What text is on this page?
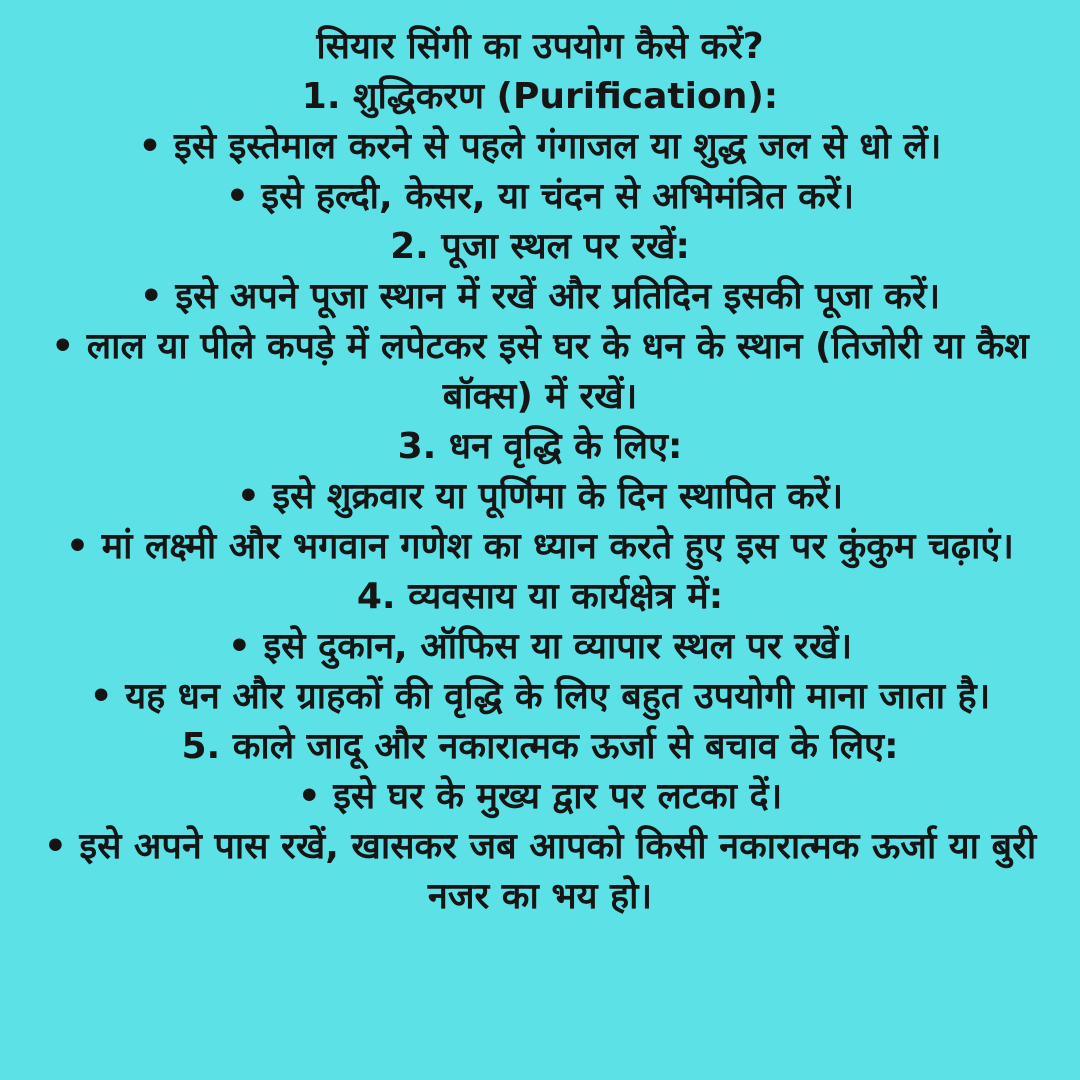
सियार सिंगी का उपयोग कैसे करें?

1. शुद्धिकरण (Purification):

• इसे इस्तेमाल करने से पहले गंगाजल या शुद्ध जल से धो लें।

• इसे हल्दी, केसर, या चंदन से अभिमंत्रित करें।

2. पूजा स्थल पर रखें:

• इसे अपने पूजा स्थान में रखें और प्रतिदिन इसकी पूजा करें।

• लाल या पीले कपड़े में लपेटकर इसे घर के धन के स्थान (तिजोरी या कैश बॉक्स) में रखें।

3. धन वृद्धि के लिए:

• इसे शुक्रवार या पूर्णिमा के दिन स्थापित करें।

• मां लक्ष्मी और भगवान गणेश का ध्यान करते हुए इस पर कुंकुम चढ़ाएं।

4. व्यवसाय या कार्यक्षेत्र में:

• इसे दुकान, ऑफिस या व्यापार स्थल पर रखें।

• यह धन और ग्राहकों की वृद्धि के लिए बहुत उपयोगी माना जाता है।

5. काले जादू और नकारात्मक ऊर्जा से बचाव के लिए:

• इसे घर के मुख्य द्वार पर लटका दें।

• इसे अपने पास रखें, खासकर जब आपको किसी नकारात्मक ऊर्जा या बुरी नजर का भय हो।
